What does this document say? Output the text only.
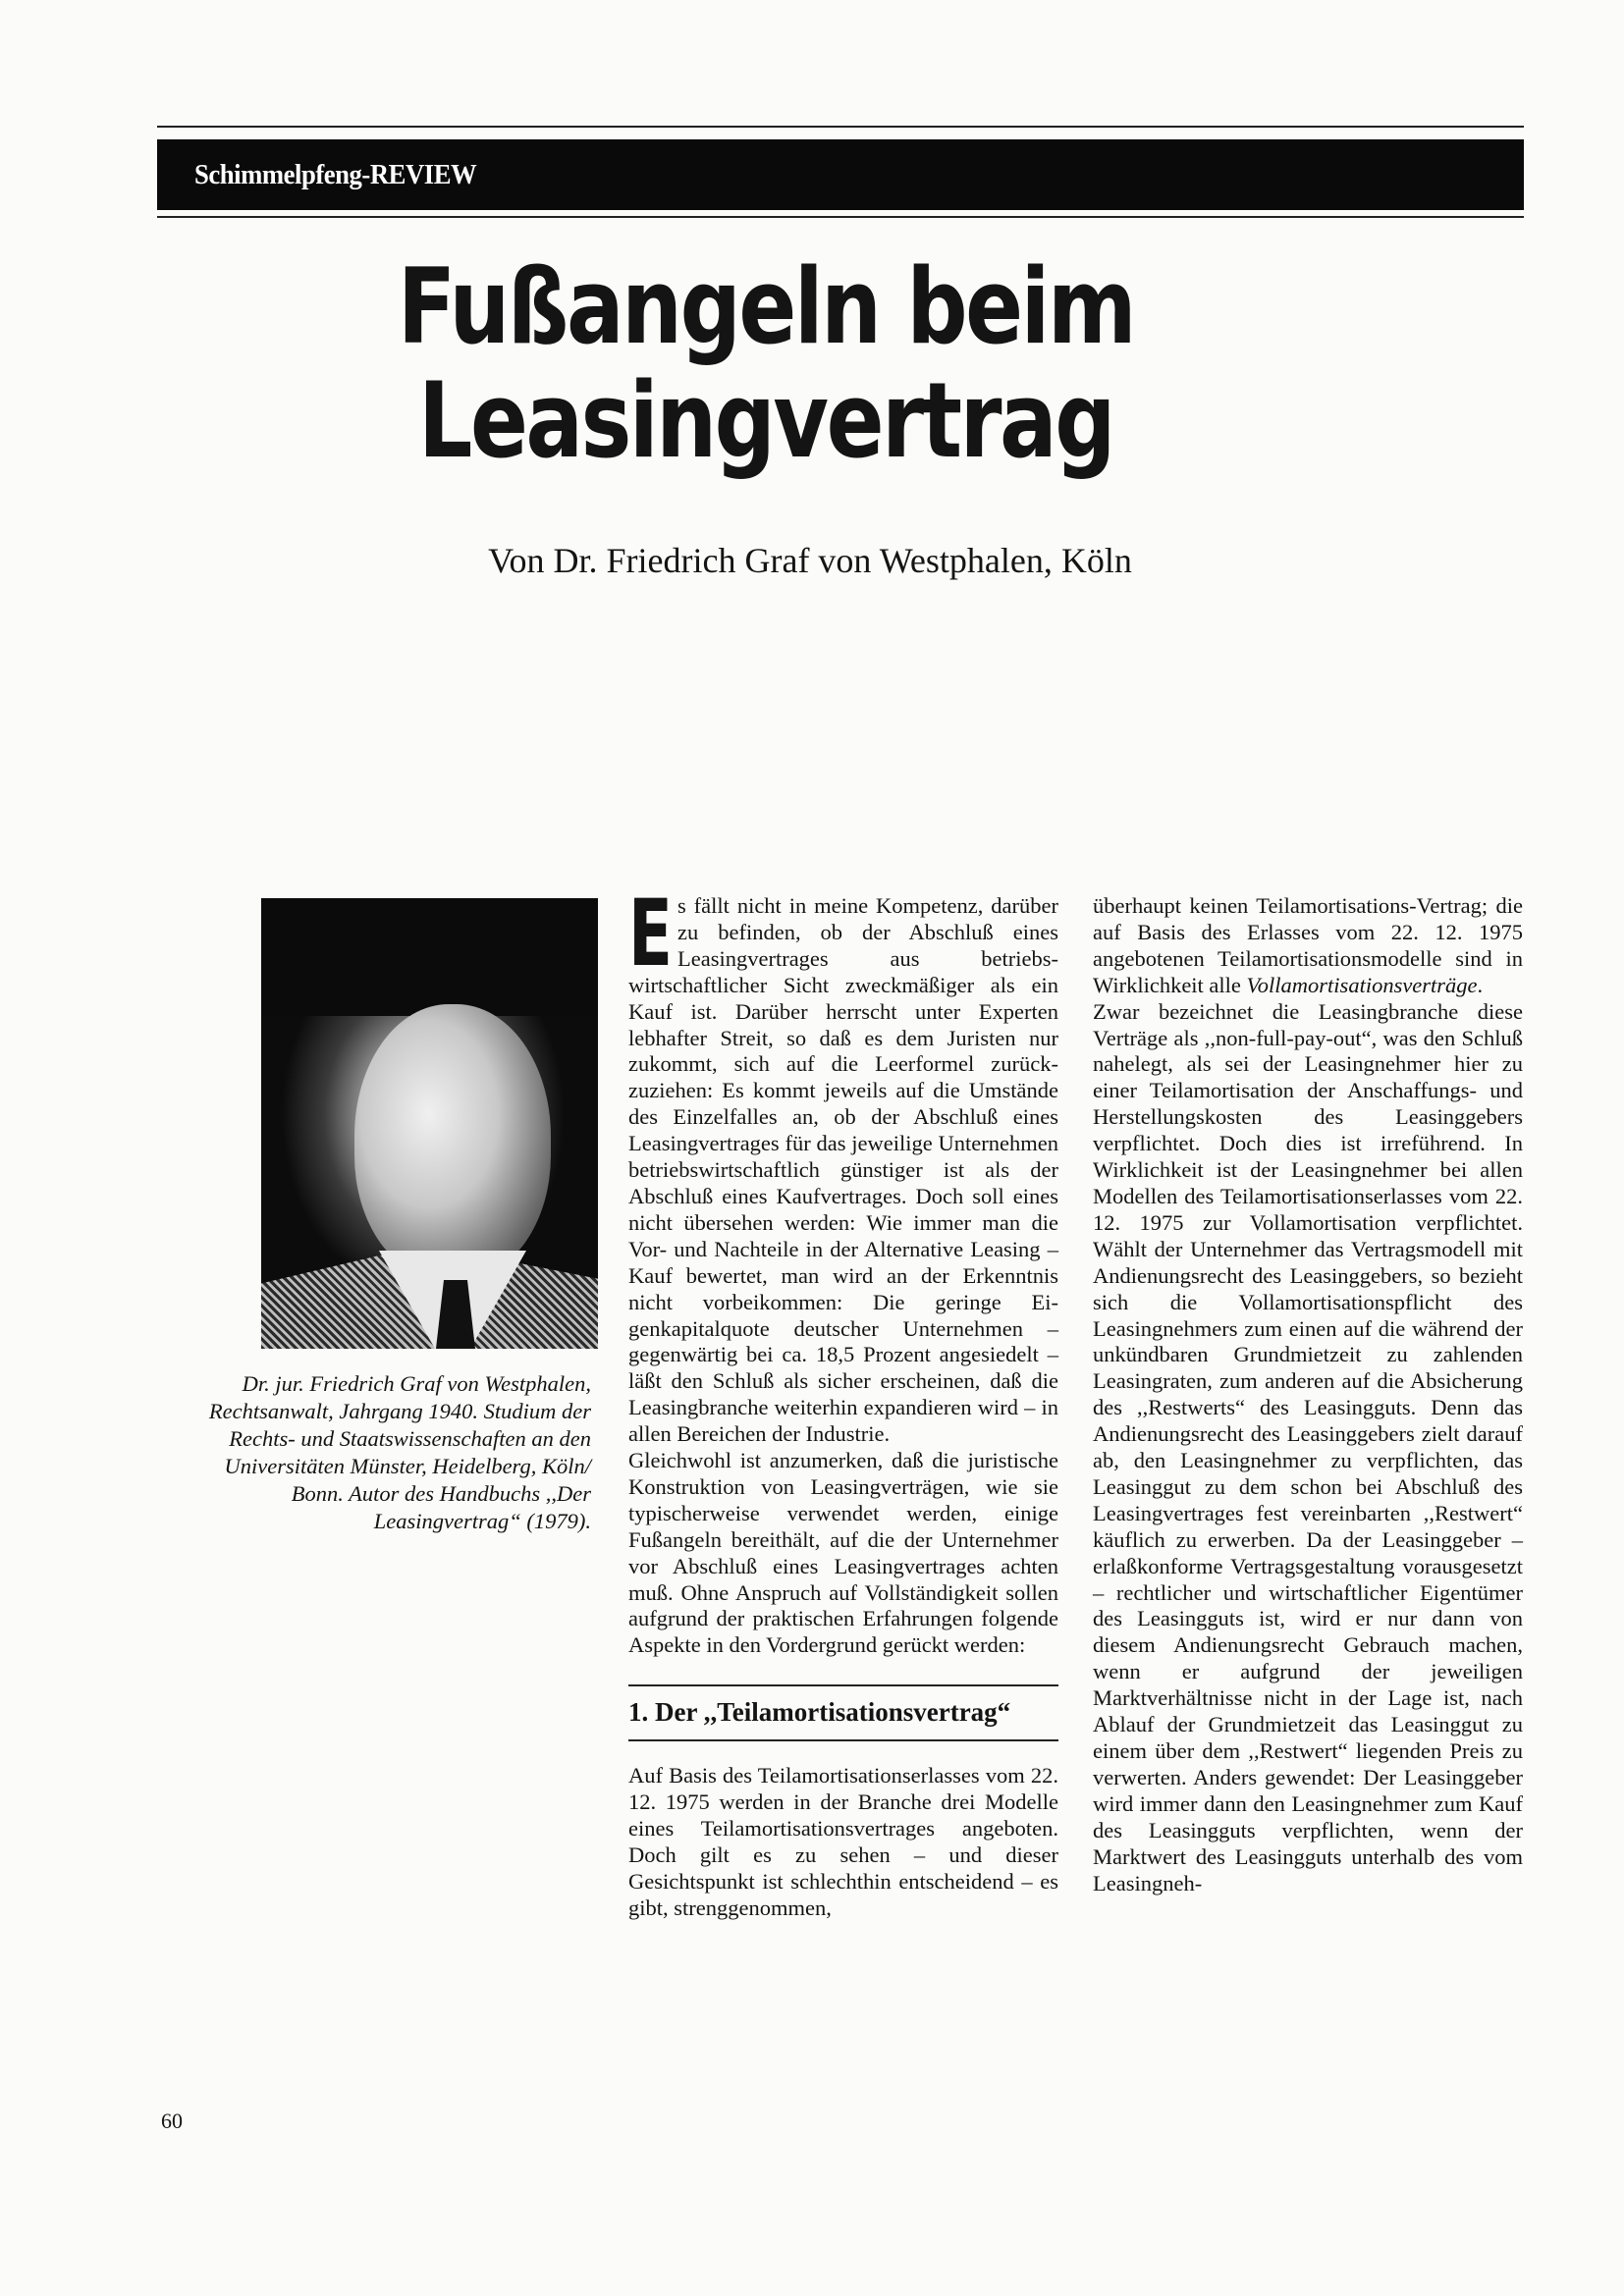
Schimmelpfeng-REVIEW
Fußangeln beim
Leasingvertrag
Von Dr. Friedrich Graf von Westphalen, Köln
Dr. jur. Friedrich Graf von Westphalen,
Rechtsanwalt, Jahrgang 1940. Studium der
Rechts- und Staatswissenschaften an den
Universitäten Münster, Heidelberg, Köln/
Bonn. Autor des Handbuchs ,,Der
Leasingvertrag“ (1979).

Es fällt nicht in meine Kompetenz, darüber zu befinden, ob der Abschluß eines Leasingvertrages aus betriebswirtschaftlicher Sicht zweckmäßiger als ein Kauf ist. Darüber herrscht unter Experten lebhafter Streit, so daß es dem Juristen nur zukommt, sich auf die Leerformel zurückzuziehen: Es kommt jeweils auf die Umstände des Einzelfalles an, ob der Abschluß eines Leasingvertrages für das jeweilige Unternehmen betriebswirtschaftlich günstiger ist als der Abschluß eines Kaufvertrages. Doch soll eines nicht übersehen werden: Wie immer man die Vor- und Nachteile in der Alternative Leasing – Kauf bewertet, man wird an der Erkenntnis nicht vorbeikommen: Die geringe Eigenkapitalquote deutscher Unternehmen – gegenwärtig bei ca. 18,5 Prozent angesiedelt – läßt den Schluß als sicher erscheinen, daß die Leasingbranche weiterhin expandieren wird – in allen Bereichen der Industrie.

Gleichwohl ist anzumerken, daß die juristische Konstruktion von Leasingverträgen, wie sie typischerweise verwendet werden, einige Fußangeln bereithält, auf die der Unternehmer vor Abschluß eines Leasingvertrages achten muß. Ohne Anspruch auf Vollständigkeit sollen aufgrund der praktischen Erfahrungen folgende Aspekte in den Vordergrund gerückt werden:

1. Der ,,Teilamortisationsvertrag“

Auf Basis des Teilamortisationserlasses vom 22. 12. 1975 werden in der Branche drei Modelle eines Teilamortisationsvertrages angeboten. Doch gilt es zu sehen – und dieser Gesichtspunkt ist schlechthin entscheidend – es gibt, strenggenommen,

überhaupt keinen Teilamortisations-Vertrag; die auf Basis des Erlasses vom 22. 12. 1975 angebotenen Teilamortisationsmodelle sind in Wirklichkeit alle Vollamortisationsverträge.

Zwar bezeichnet die Leasingbranche diese Verträge als ,,non-full-pay-out“, was den Schluß nahelegt, als sei der Leasingnehmer hier zu einer Teilamortisation der Anschaffungs- und Herstellungskosten des Leasinggebers verpflichtet. Doch dies ist irreführend. In Wirklichkeit ist der Leasingnehmer bei allen Modellen des Teilamortisationserlasses vom 22. 12. 1975 zur Vollamortisation verpflichtet. Wählt der Unternehmer das Vertragsmodell mit Andienungsrecht des Leasinggebers, so bezieht sich die Vollamortisationspflicht des Leasingnehmers zum einen auf die während der unkündbaren Grundmietzeit zu zahlenden Leasingraten, zum anderen auf die Absicherung des ,,Restwerts“ des Leasingguts. Denn das Andienungsrecht des Leasinggebers zielt darauf ab, den Leasingnehmer zu verpflichten, das Leasinggut zu dem schon bei Abschluß des Leasingvertrages fest vereinbarten ,,Restwert“ käuflich zu erwerben. Da der Leasinggeber – erlaßkonforme Vertragsgestaltung vorausgesetzt – rechtlicher und wirtschaftlicher Eigentümer des Leasingguts ist, wird er nur dann von diesem Andienungsrecht Gebrauch machen, wenn er aufgrund der jeweiligen Marktverhältnisse nicht in der Lage ist, nach Ablauf der Grundmietzeit das Leasinggut zu einem über dem ,,Restwert“ liegenden Preis zu verwerten. Anders gewendet: Der Leasinggeber wird immer dann den Leasingnehmer zum Kauf des Leasingguts verpflichten, wenn der Marktwert des Leasingguts unterhalb des vom Leasingneh-

60
